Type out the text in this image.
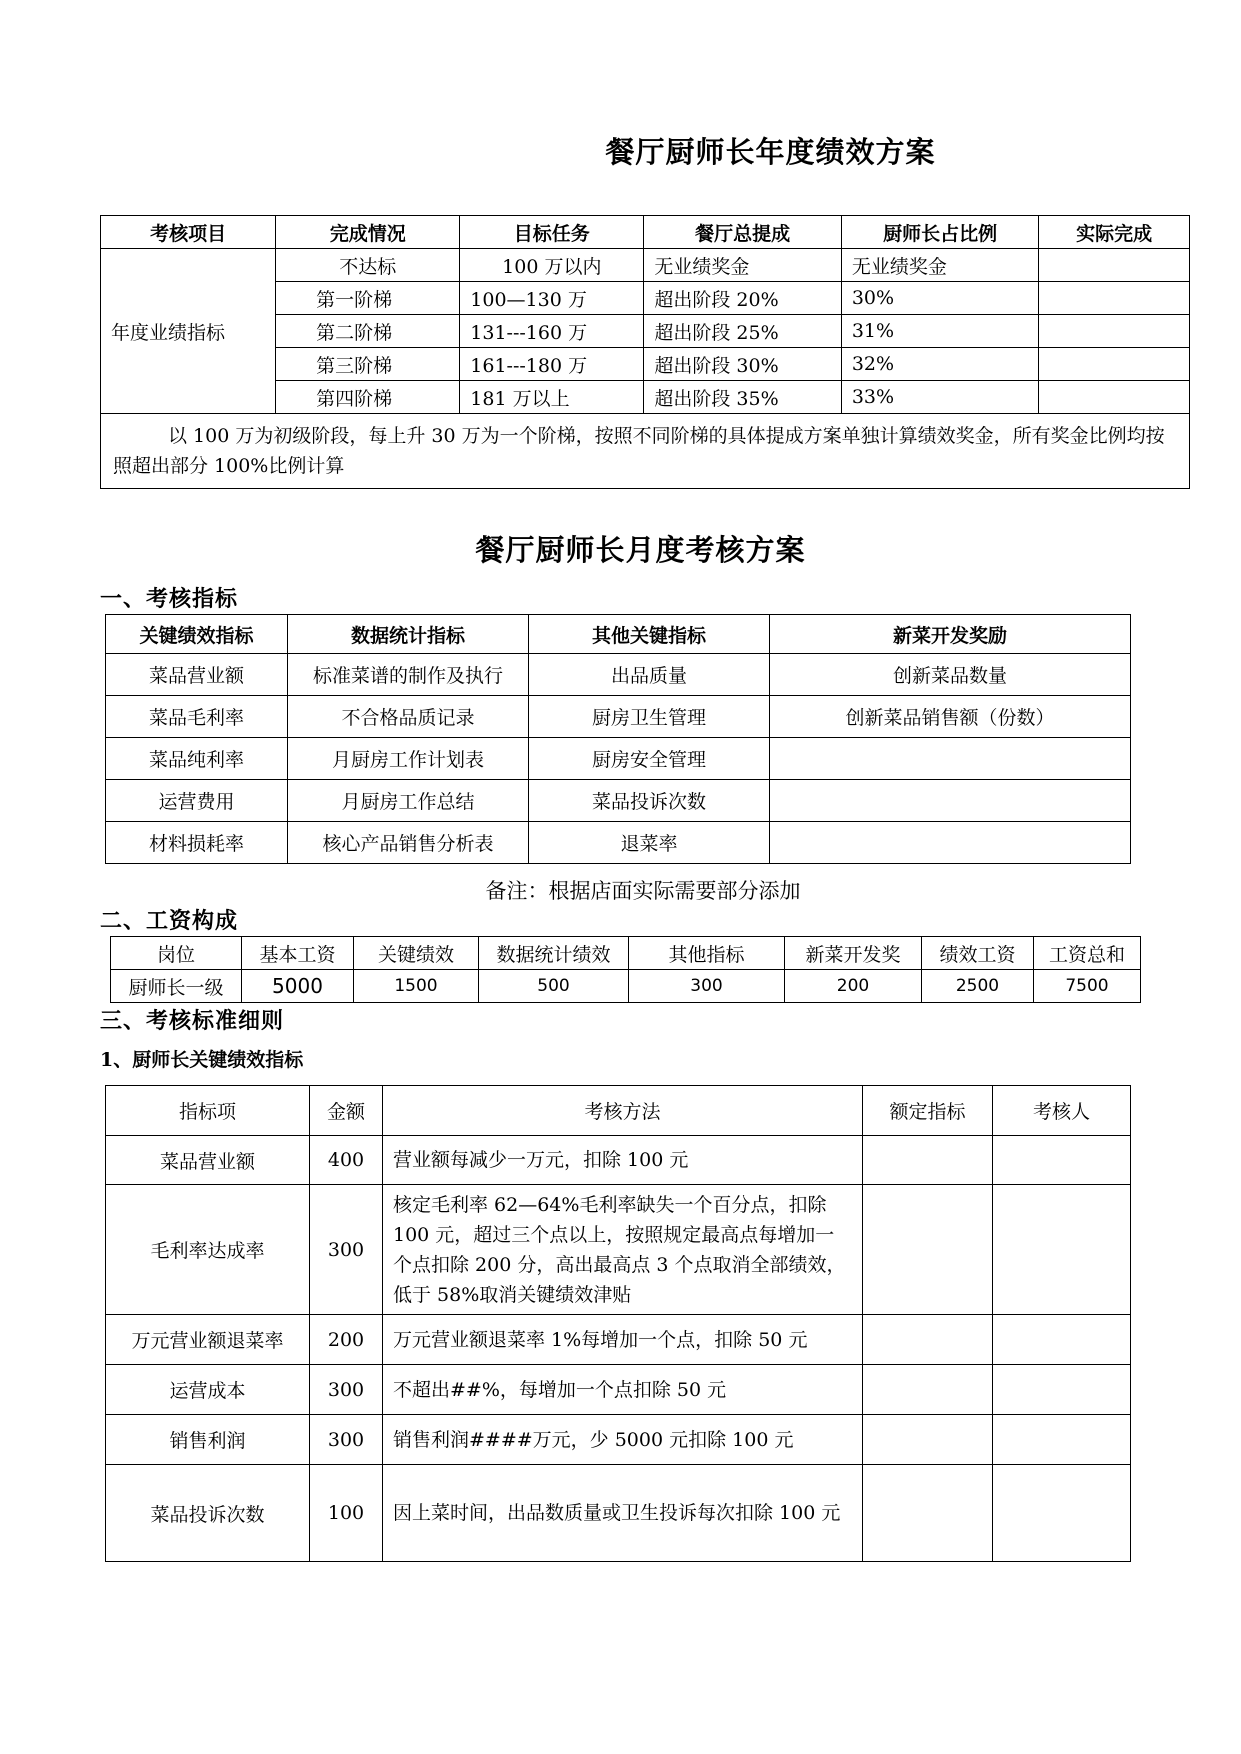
餐厅厨师长年度绩效方案
考核项目	完成情况	目标任务	餐厅总提成	厨师长占比例	实际完成
年度业绩指标	不达标	100 万以内	无业绩奖金	无业绩奖金	
	第一阶梯	100—130 万	超出阶段 20%	30%	
	第二阶梯	131---160 万	超出阶段 25%	31%	
	第三阶梯	161---180 万	超出阶段 30%	32%	
	第四阶梯	181 万以上	超出阶段 35%	33%	
以 100 万为初级阶段，每上升 30 万为一个阶梯，按照不同阶梯的具体提成方案单独计算绩效奖金，所有奖金比例均按照超出部分 100%比例计算					
餐厅厨师长月度考核方案
一、考核指标
关键绩效指标	数据统计指标	其他关键指标	新菜开发奖励
菜品营业额	标准菜谱的制作及执行	出品质量	创新菜品数量
菜品毛利率	不合格品质记录	厨房卫生管理	创新菜品销售额（份数）
菜品纯利率	月厨房工作计划表	厨房安全管理	
运营费用	月厨房工作总结	菜品投诉次数	
材料损耗率	核心产品销售分析表	退菜率	
备注：根据店面实际需要部分添加
二、工资构成
岗位	基本工资	关键绩效	数据统计绩效	其他指标	新菜开发奖	绩效工资	工资总和
厨师长一级	5000	1500	500	300	200	2500	7500
三、考核标准细则
1、厨师长关键绩效指标
指标项	金额	考核方法	额定指标	考核人
菜品营业额	400	营业额每减少一万元，扣除 100 元		
毛利率达成率	300	核定毛利率 62—64%毛利率缺失一个百分点，扣除 100 元，超过三个点以上，按照规定最高点每增加一个点扣除 200 分，高出最高点 3 个点取消全部绩效，低于 58%取消关键绩效津贴		
万元营业额退菜率	200	万元营业额退菜率 1%每增加一个点，扣除 50 元		
运营成本	300	不超出##%，每增加一个点扣除 50 元		
销售利润	300	销售利润####万元，少 5000 元扣除 100 元		
菜品投诉次数	100	因上菜时间，出品数质量或卫生投诉每次扣除 100 元		
